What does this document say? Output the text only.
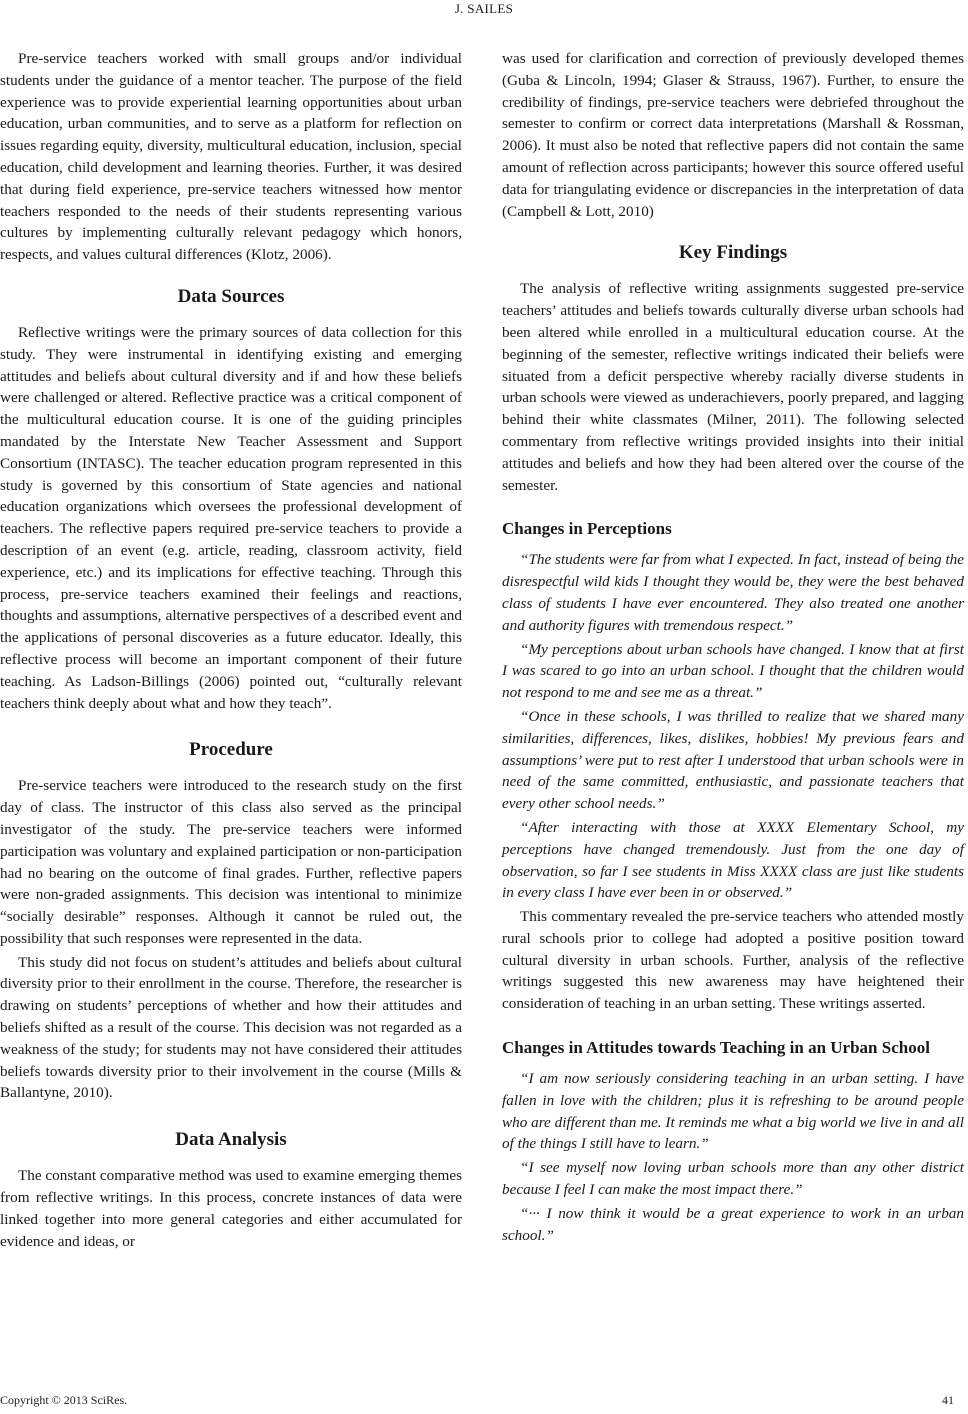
J. SAILES

Pre-service teachers worked with small groups and/or individual students under the guidance of a mentor teacher. The purpose of the field experience was to provide experiential learning opportunities about urban education, urban communities, and to serve as a platform for reflection on issues regarding equity, diversity, multicultural education, inclusion, special education, child development and learning theories. Further, it was desired that during field experience, pre-service teachers witnessed how mentor teachers responded to the needs of their students representing various cultures by implementing culturally relevant pedagogy which honors, respects, and values cultural differences (Klotz, 2006).

Data Sources

Reflective writings were the primary sources of data collection for this study. They were instrumental in identifying existing and emerging attitudes and beliefs about cultural diversity and if and how these beliefs were challenged or altered. Reflective practice was a critical component of the multicultural education course. It is one of the guiding principles mandated by the Interstate New Teacher Assessment and Support Consortium (INTASC). The teacher education program represented in this study is governed by this consortium of State agencies and national education organizations which oversees the professional development of teachers. The reflective papers required pre-service teachers to provide a description of an event (e.g. article, reading, classroom activity, field experience, etc.) and its implications for effective teaching. Through this process, pre-service teachers examined their feelings and reactions, thoughts and assumptions, alternative perspectives of a described event and the applications of personal discoveries as a future educator. Ideally, this reflective process will become an important component of their future teaching. As Ladson-Billings (2006) pointed out, “culturally relevant teachers think deeply about what and how they teach”.

Procedure

Pre-service teachers were introduced to the research study on the first day of class. The instructor of this class also served as the principal investigator of the study. The pre-service teachers were informed participation was voluntary and explained participation or non-participation had no bearing on the outcome of final grades. Further, reflective papers were non-graded assignments. This decision was intentional to minimize “socially desirable” responses. Although it cannot be ruled out, the possibility that such responses were represented in the data.

This study did not focus on student’s attitudes and beliefs about cultural diversity prior to their enrollment in the course. Therefore, the researcher is drawing on students’ perceptions of whether and how their attitudes and beliefs shifted as a result of the course. This decision was not regarded as a weakness of the study; for students may not have considered their attitudes beliefs towards diversity prior to their involvement in the course (Mills & Ballantyne, 2010).

Data Analysis

The constant comparative method was used to examine emerging themes from reflective writings. In this process, concrete instances of data were linked together into more general categories and either accumulated for evidence and ideas, or

was used for clarification and correction of previously developed themes (Guba & Lincoln, 1994; Glaser & Strauss, 1967). Further, to ensure the credibility of findings, pre-service teachers were debriefed throughout the semester to confirm or correct data interpretations (Marshall & Rossman, 2006). It must also be noted that reflective papers did not contain the same amount of reflection across participants; however this source offered useful data for triangulating evidence or discrepancies in the interpretation of data (Campbell & Lott, 2010)

Key Findings

The analysis of reflective writing assignments suggested pre-service teachers’ attitudes and beliefs towards culturally diverse urban schools had been altered while enrolled in a multicultural education course. At the beginning of the semester, reflective writings indicated their beliefs were situated from a deficit perspective whereby racially diverse students in urban schools were viewed as underachievers, poorly prepared, and lagging behind their white classmates (Milner, 2011). The following selected commentary from reflective writings provided insights into their initial attitudes and beliefs and how they had been altered over the course of the semester.

Changes in Perceptions

“The students were far from what I expected. In fact, instead of being the disrespectful wild kids I thought they would be, they were the best behaved class of students I have ever encountered. They also treated one another and authority figures with tremendous respect.”

“My perceptions about urban schools have changed. I know that at first I was scared to go into an urban school. I thought that the children would not respond to me and see me as a threat.”

“Once in these schools, I was thrilled to realize that we shared many similarities, differences, likes, dislikes, hobbies! My previous fears and assumptions’ were put to rest after I understood that urban schools were in need of the same committed, enthusiastic, and passionate teachers that every other school needs.”

“After interacting with those at XXXX Elementary School, my perceptions have changed tremendously. Just from the one day of observation, so far I see students in Miss XXXX class are just like students in every class I have ever been in or observed.”

This commentary revealed the pre-service teachers who attended mostly rural schools prior to college had adopted a positive position toward cultural diversity in urban schools. Further, analysis of the reflective writings suggested this new awareness may have heightened their consideration of teaching in an urban setting. These writings asserted.

Changes in Attitudes towards Teaching in an Urban School

“I am now seriously considering teaching in an urban setting. I have fallen in love with the children; plus it is refreshing to be around people who are different than me. It reminds me what a big world we live in and all of the things I still have to learn.”

“I see myself now loving urban schools more than any other district because I feel I can make the most impact there.”

“··· I now think it would be a great experience to work in an urban school.”

Copyright © 2013 SciRes.	41
